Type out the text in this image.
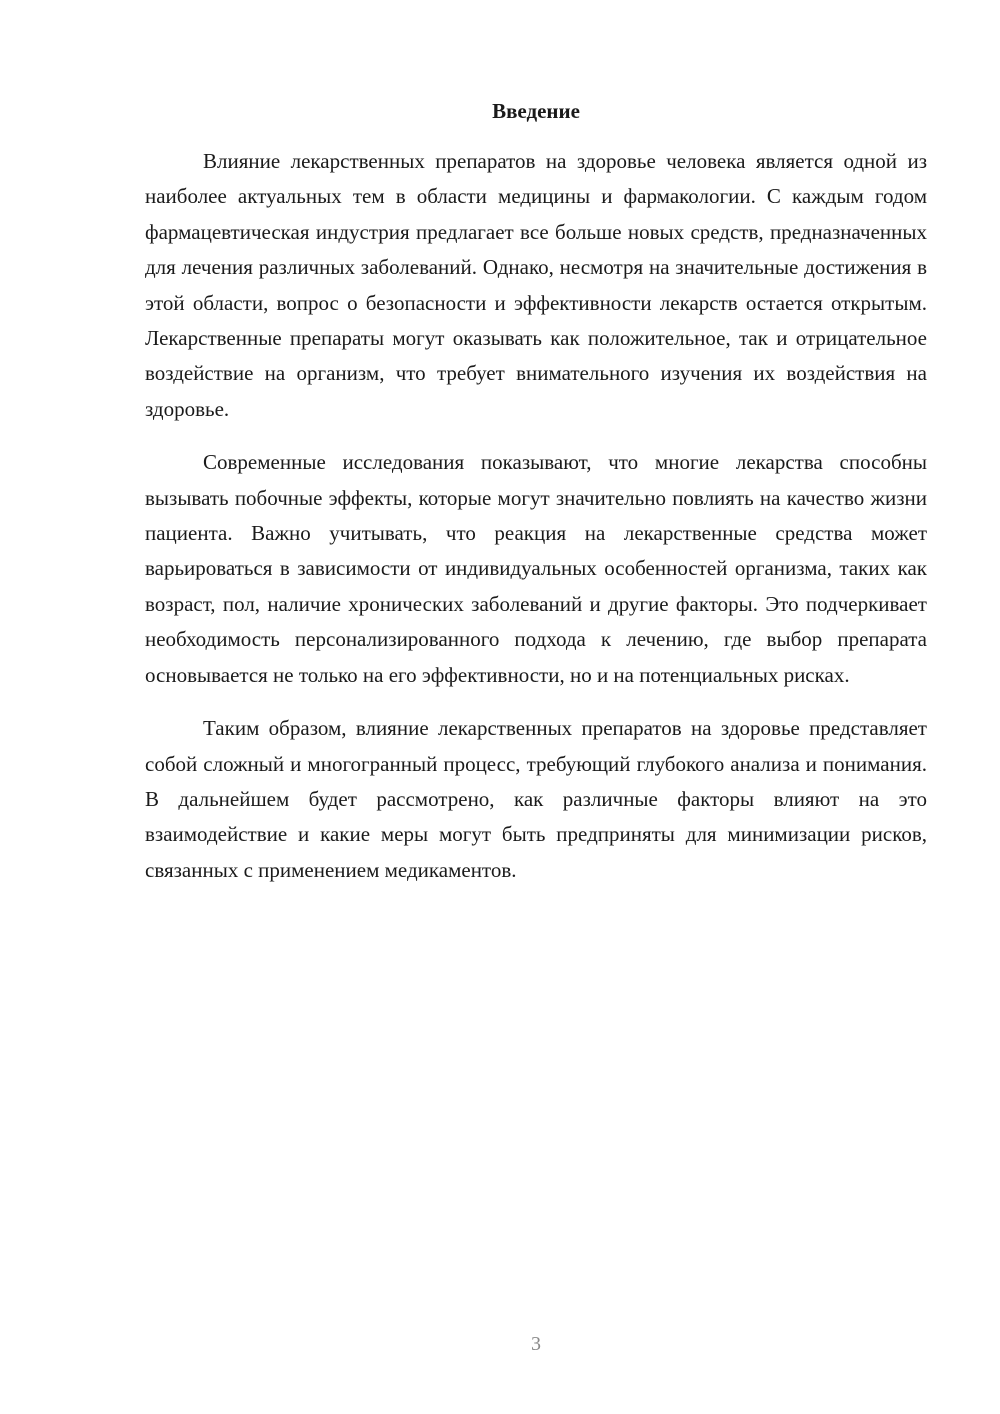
Введение

Влияние лекарственных препаратов на здоровье человека является одной из наиболее актуальных тем в области медицины и фармакологии. С каждым годом фармацевтическая индустрия предлагает все больше новых средств, предназначенных для лечения различных заболеваний. Однако, несмотря на значительные достижения в этой области, вопрос о безопасности и эффективности лекарств остается открытым. Лекарственные препараты могут оказывать как положительное, так и отрицательное воздействие на организм, что требует внимательного изучения их воздействия на здоровье.

Современные исследования показывают, что многие лекарства способны вызывать побочные эффекты, которые могут значительно повлиять на качество жизни пациента. Важно учитывать, что реакция на лекарственные средства может варьироваться в зависимости от индивидуальных особенностей организма, таких как возраст, пол, наличие хронических заболеваний и другие факторы. Это подчеркивает необходимость персонализированного подхода к лечению, где выбор препарата основывается не только на его эффективности, но и на потенциальных рисках.

Таким образом, влияние лекарственных препаратов на здоровье представляет собой сложный и многогранный процесс, требующий глубокого анализа и понимания. В дальнейшем будет рассмотрено, как различные факторы влияют на это взаимодействие и какие меры могут быть предприняты для минимизации рисков, связанных с применением медикаментов.

3
